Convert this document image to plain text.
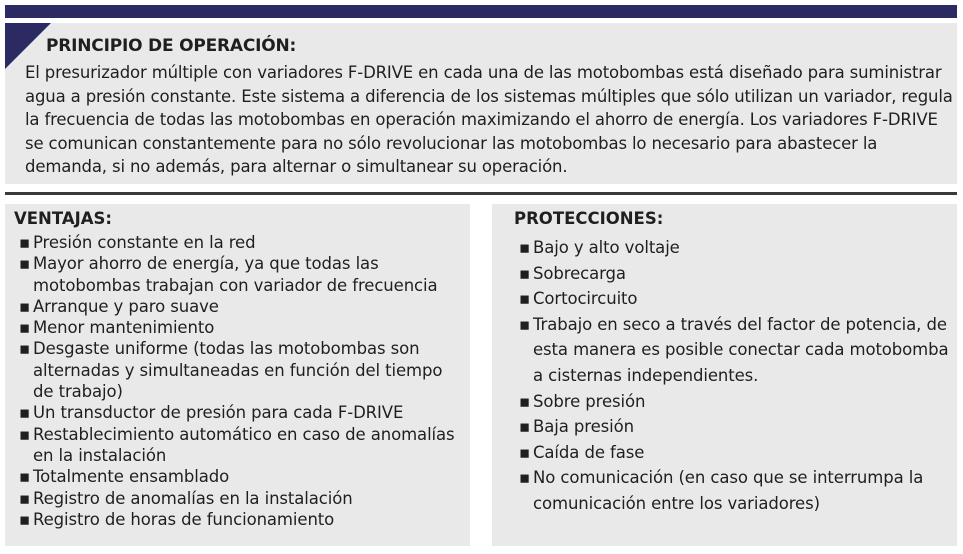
PRINCIPIO DE OPERACIÓN:

El presurizador múltiple con variadores F-DRIVE en cada una de las motobombas está diseñado para suministrar agua a presión constante. Este sistema a diferencia de los sistemas múltiples que sólo utilizan un variador, regula la frecuencia de todas las motobombas en operación maximizando el ahorro de energía. Los variadores F-DRIVE se comunican constantemente para no sólo revolucionar las motobombas lo necesario para abastecer la demanda, si no además, para alternar o simultanear su operación.

VENTAJAS:
▪ Presión constante en la red
▪ Mayor ahorro de energía, ya que todas las motobombas trabajan con variador de frecuencia
▪ Arranque y paro suave
▪ Menor mantenimiento
▪ Desgaste uniforme (todas las motobombas son alternadas y simultaneadas en función del tiempo de trabajo)
▪ Un transductor de presión para cada F-DRIVE
▪ Restablecimiento automático en caso de anomalías en la instalación
▪ Totalmente ensamblado
▪ Registro de anomalías en la instalación
▪ Registro de horas de funcionamiento
PROTECCIONES:
▪ Bajo y alto voltaje
▪ Sobrecarga
▪ Cortocircuito
▪ Trabajo en seco a través del factor de potencia, de esta manera es posible conectar cada motobomba a cisternas independientes.
▪ Sobre presión
▪ Baja presión
▪ Caída de fase
▪ No comunicación (en caso que se interrumpa la comunicación entre los variadores)
